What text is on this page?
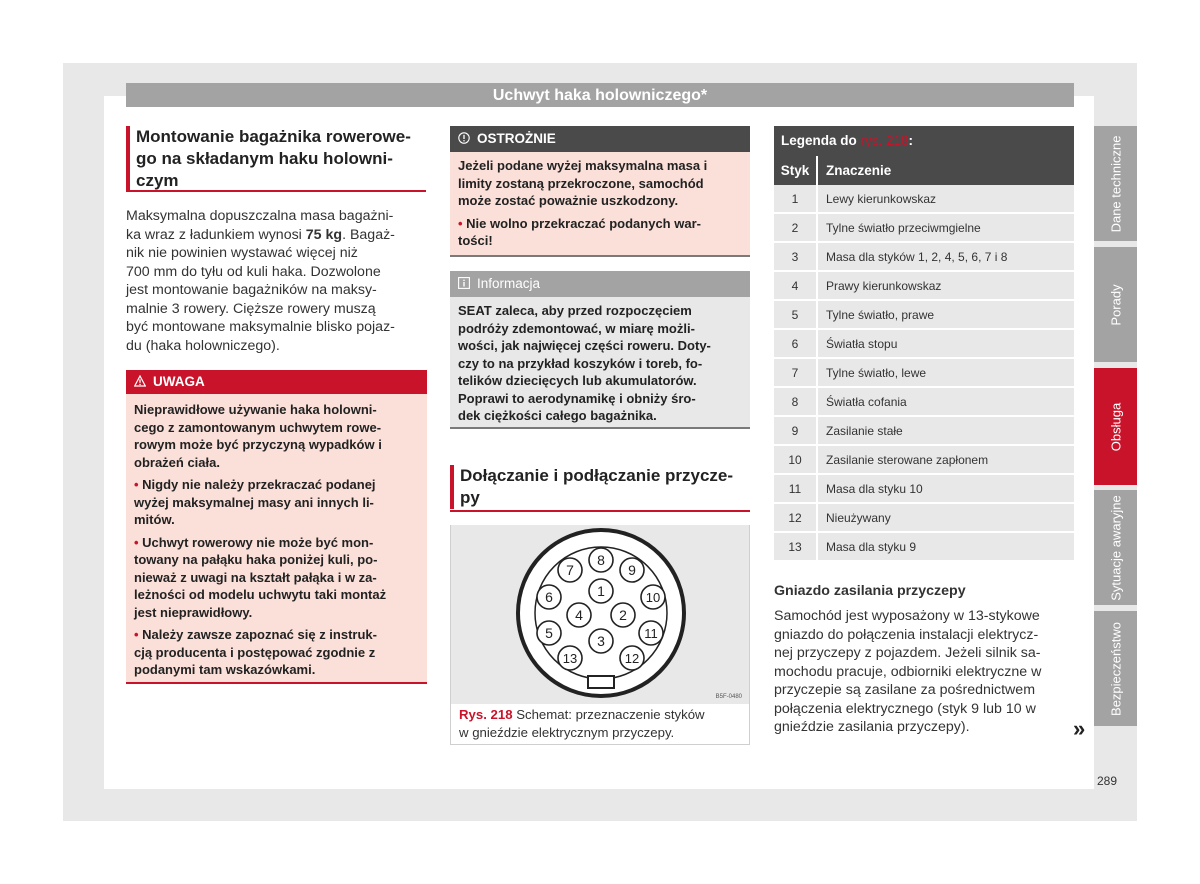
Uchwyt haka holowniczego*
Montowanie bagażnika rowerowe-
go na składanym haku holowni-
czym

Maksymalna dopuszczalna masa bagażni-
ka wraz z ładunkiem wynosi 75 kg. Bagaż-
nik nie powinien wystawać więcej niż
700 mm do tyłu od kuli haka. Dozwolone
jest montowanie bagażników na maksy-
malnie 3 rowery. Cięższe rowery muszą
być montowane maksymalnie blisko pojaz-
du (haka holowniczego).

UWAGA

Nieprawidłowe używanie haka holowni-
cego z zamontowanym uchwytem rowe-
rowym może być przyczyną wypadków i
obrażeń ciała.

• Nigdy nie należy przekraczać podanej
wyżej maksymalnej masy ani innych li-
mitów.

• Uchwyt rowerowy nie może być mon-
towany na pałąku haka poniżej kuli, po-
nieważ z uwagi na kształt pałąka i w za-
leżności od modelu uchwytu taki montaż
jest nieprawidłowy.

• Należy zawsze zapoznać się z instruk-
cją producenta i postępować zgodnie z
podanymi tam wskazówkami.

OSTROŻNIE

Jeżeli podane wyżej maksymalna masa i
limity zostaną przekroczone, samochód
może zostać poważnie uszkodzony.

• Nie wolno przekraczać podanych war-
tości!

Informacja
SEAT zaleca, aby przed rozpoczęciem
podróży zdemontować, w miarę możli-
wości, jak najwięcej części roweru. Doty-
czy to na przykład koszyków i toreb, fo-
telików dziecięcych lub akumulatorów.
Poprawi to aerodynamikę i obniży śro-
dek ciężkości całego bagażnika.
Dołączanie i podłączanie przycze-
py
1
2
3
4
5
6
7
8
9
10
11
12
13
B5F-0480
Rys. 218 Schemat: przeznaczenie styków
w gnieździe elektrycznym przyczepy.
Legenda do rys. 218:
Styk	Znaczenie
1	Lewy kierunkowskaz
2	Tylne światło przeciwmgielne
3	Masa dla styków 1, 2, 4, 5, 6, 7 i 8
4	Prawy kierunkowskaz
5	Tylne światło, prawe
6	Światła stopu
7	Tylne światło, lewe
8	Światła cofania
9	Zasilanie stałe
10	Zasilanie sterowane zapłonem
11	Masa dla styku 10
12	Nieużywany
13	Masa dla styku 9
Gniazdo zasilania przyczepy
Samochód jest wyposażony w 13-stykowe
gniazdo do połączenia instalacji elektrycz-
nej przyczepy z pojazdem. Jeżeli silnik sa-
mochodu pracuje, odbiorniki elektryczne w
przyczepie są zasilane za pośrednictwem
połączenia elektrycznego (styk 9 lub 10 w
gnieździe zasilania przyczepy).	»
Dane techniczne
Porady
Obsługa
Sytuacje awaryjne
Bezpieczeństwo
289
